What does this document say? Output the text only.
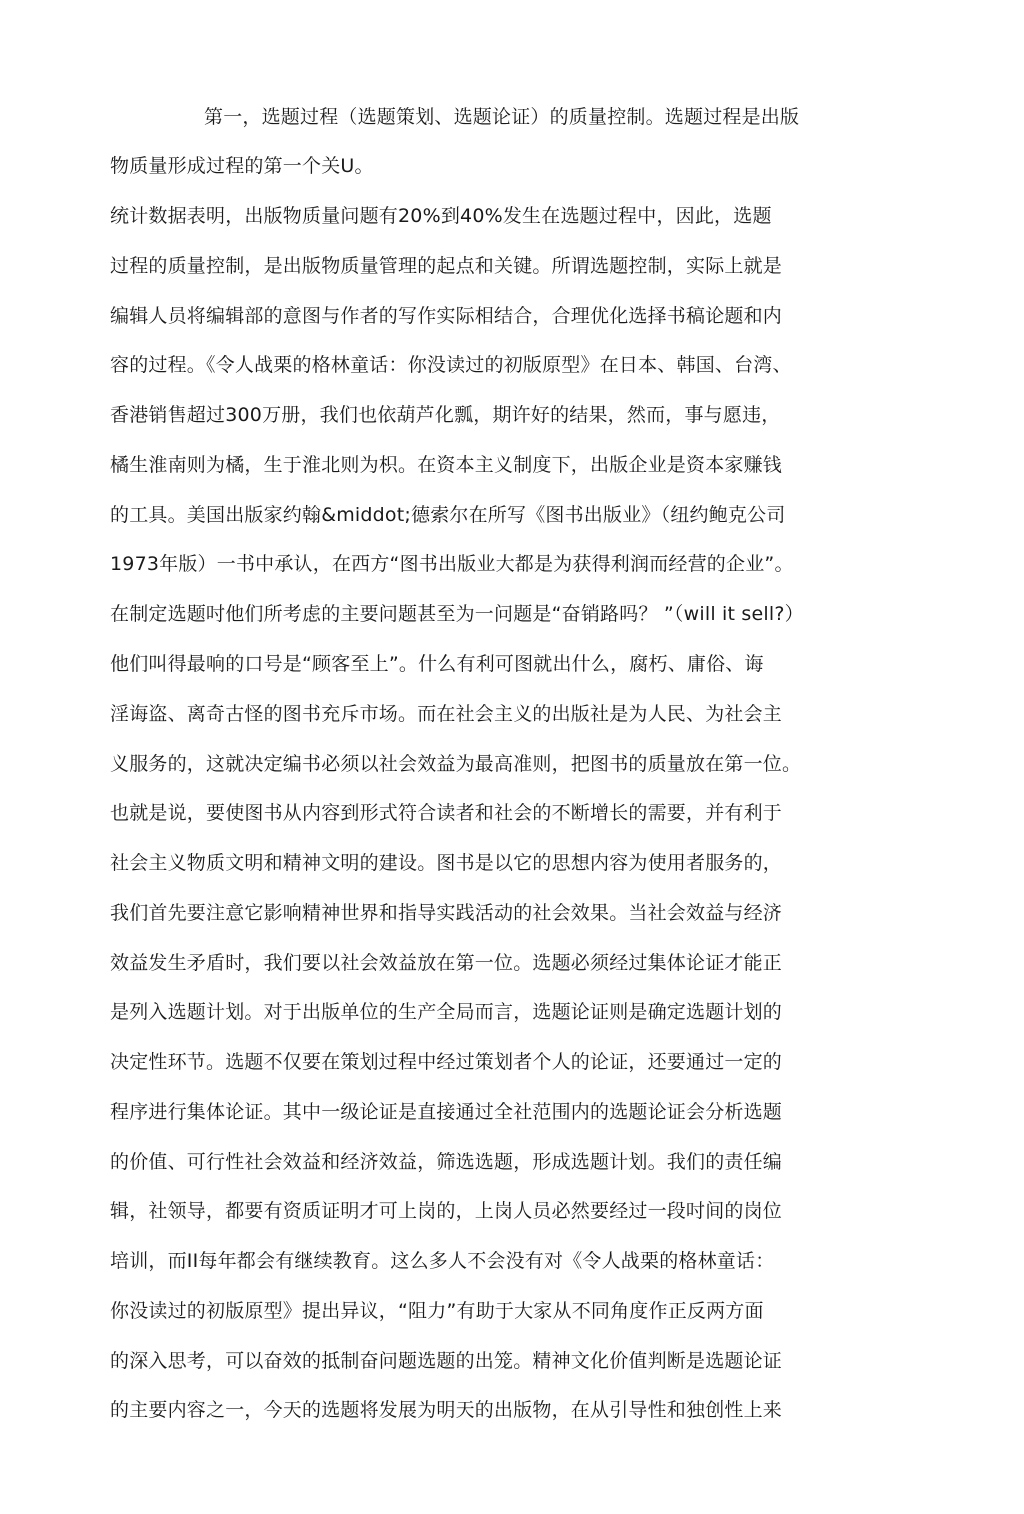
第一，选题过程（选题策划、选题论证）的质量控制。选题过程是出版
物质量形成过程的第一个关U。
统计数据表明，出版物质量问题有20%到40%发生在选题过程中，因此，选题
过程的质量控制，是出版物质量管理的起点和关键。所谓选题控制，实际上就是
编辑人员将编辑部的意图与作者的写作实际相结合，合理优化选择书稿论题和内
容的过程。《令人战栗的格林童话：你没读过的初版原型》在日本、韩国、台湾、
香港销售超过300万册，我们也依葫芦化瓢，期许好的结果，然而，事与愿违，
橘生淮南则为橘，生于淮北则为枳。在资本主义制度下，出版企业是资本家赚钱
的工具。美国出版家约翰&middot;德索尔在所写《图书出版业》（纽约鲍克公司
1973年版）一书中承认，在西方“图书出版业大都是为获得利润而经营的企业”。
在制定选题吋他们所考虑的主要问题甚至为一问题是“奋销路吗？ ”（will it sell?）
他们叫得最响的口号是“顾客至上”。什么有利可图就出什么，腐朽、庸俗、诲
淫诲盗、离奇古怪的图书充斥市场。而在社会主义的出版社是为人民、为社会主
义服务的，这就决定编书必须以社会效益为最高准则，把图书的质量放在第一位。
也就是说，要使图书从内容到形式符合读者和社会的不断增长的需要，并有利于
社会主义物质文明和精神文明的建设。图书是以它的思想内容为使用者服务的，
我们首先要注意它影响精神世界和指导实践活动的社会效果。当社会效益与经济
效益发生矛盾时，我们要以社会效益放在第一位。选题必须经过集体论证才能正
是列入选题计划。对于出版单位的生产全局而言，选题论证则是确定选题计划的
决定性环节。选题不仅要在策划过程中经过策划者个人的论证，还要通过一定的
程序进行集体论证。其中一级论证是直接通过全社范围内的选题论证会分析选题
的价值、可行性社会效益和经济效益，筛选选题，形成选题计划。我们的责任编
辑，社领导，都要有资质证明才可上岗的，上岗人员必然要经过一段吋间的岗位
培训，而II每年都会有继续教育。这么多人不会没有对《令人战栗的格林童话：
你没读过的初版原型》提出异议，“阻力”有助于大家从不同角度作正反两方面
的深入思考，可以奋效的抵制奋问题选题的出笼。精神文化价值判断是选题论证
的主要内容之一，今天的选题将发展为明天的出版物，在从引导性和独创性上来
